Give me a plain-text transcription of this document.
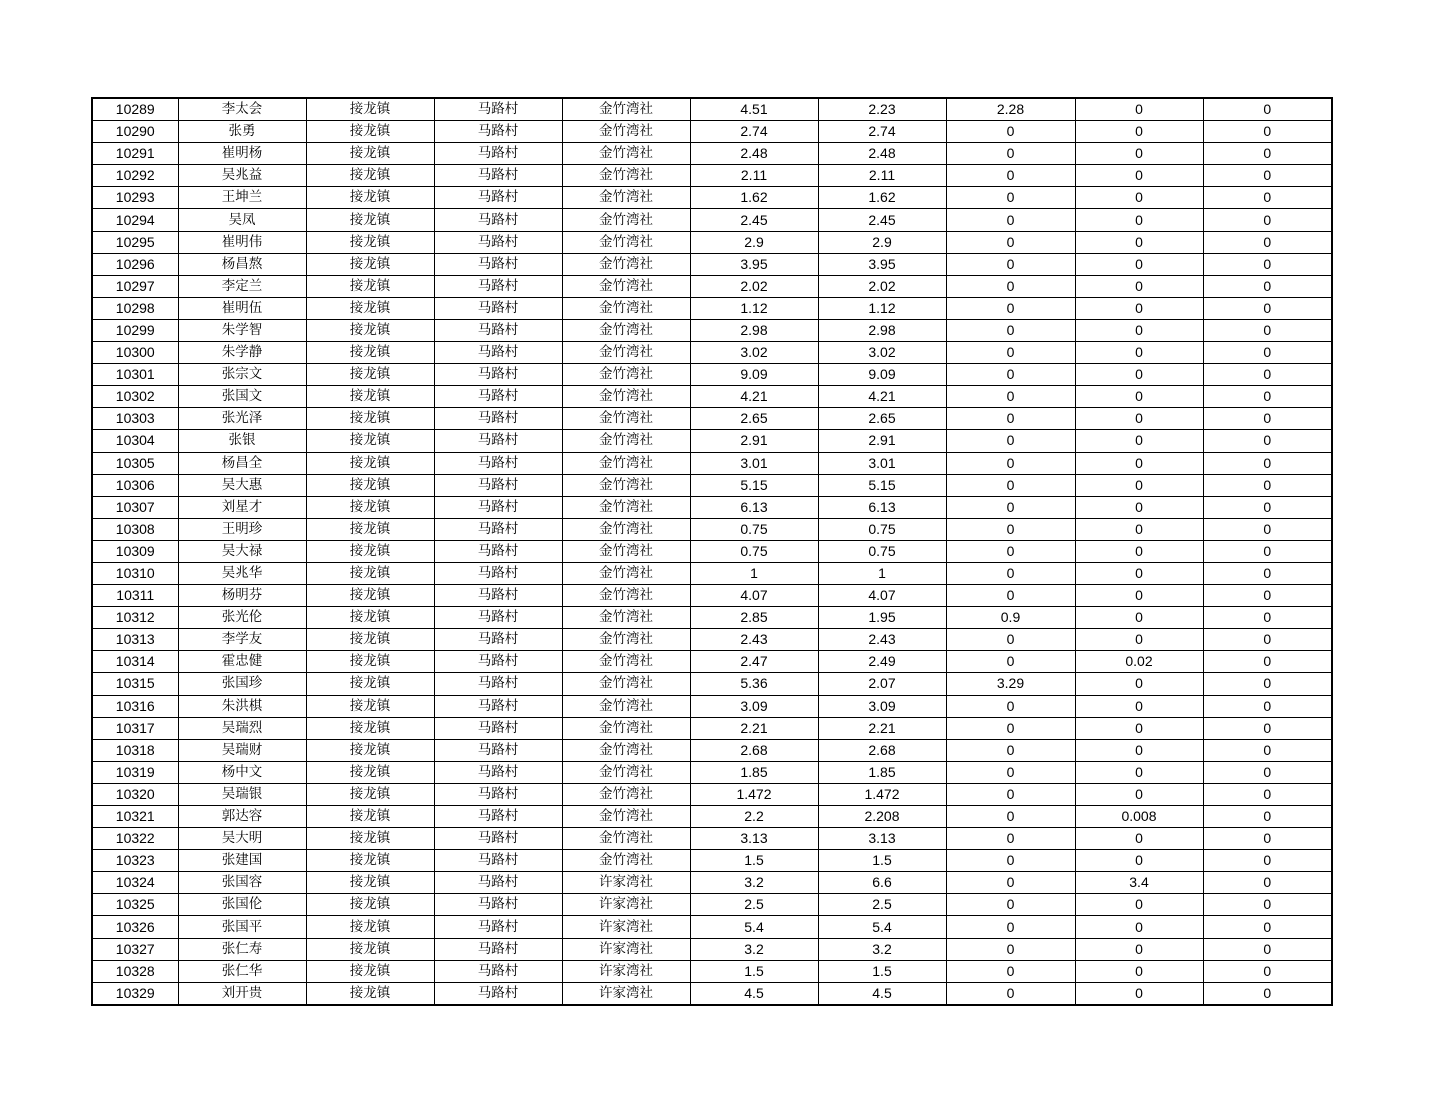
10289	李太会	接龙镇	马路村	金竹湾社	4.51	2.23	2.28	0	0
10290	张勇	接龙镇	马路村	金竹湾社	2.74	2.74	0	0	0
10291	崔明杨	接龙镇	马路村	金竹湾社	2.48	2.48	0	0	0
10292	吴兆益	接龙镇	马路村	金竹湾社	2.11	2.11	0	0	0
10293	王坤兰	接龙镇	马路村	金竹湾社	1.62	1.62	0	0	0
10294	吴凤	接龙镇	马路村	金竹湾社	2.45	2.45	0	0	0
10295	崔明伟	接龙镇	马路村	金竹湾社	2.9	2.9	0	0	0
10296	杨昌熬	接龙镇	马路村	金竹湾社	3.95	3.95	0	0	0
10297	李定兰	接龙镇	马路村	金竹湾社	2.02	2.02	0	0	0
10298	崔明伍	接龙镇	马路村	金竹湾社	1.12	1.12	0	0	0
10299	朱学智	接龙镇	马路村	金竹湾社	2.98	2.98	0	0	0
10300	朱学静	接龙镇	马路村	金竹湾社	3.02	3.02	0	0	0
10301	张宗文	接龙镇	马路村	金竹湾社	9.09	9.09	0	0	0
10302	张国文	接龙镇	马路村	金竹湾社	4.21	4.21	0	0	0
10303	张光泽	接龙镇	马路村	金竹湾社	2.65	2.65	0	0	0
10304	张银	接龙镇	马路村	金竹湾社	2.91	2.91	0	0	0
10305	杨昌全	接龙镇	马路村	金竹湾社	3.01	3.01	0	0	0
10306	吴大惠	接龙镇	马路村	金竹湾社	5.15	5.15	0	0	0
10307	刘星才	接龙镇	马路村	金竹湾社	6.13	6.13	0	0	0
10308	王明珍	接龙镇	马路村	金竹湾社	0.75	0.75	0	0	0
10309	吴大禄	接龙镇	马路村	金竹湾社	0.75	0.75	0	0	0
10310	吴兆华	接龙镇	马路村	金竹湾社	1	1	0	0	0
10311	杨明芬	接龙镇	马路村	金竹湾社	4.07	4.07	0	0	0
10312	张光伦	接龙镇	马路村	金竹湾社	2.85	1.95	0.9	0	0
10313	李学友	接龙镇	马路村	金竹湾社	2.43	2.43	0	0	0
10314	霍忠健	接龙镇	马路村	金竹湾社	2.47	2.49	0	0.02	0
10315	张国珍	接龙镇	马路村	金竹湾社	5.36	2.07	3.29	0	0
10316	朱洪棋	接龙镇	马路村	金竹湾社	3.09	3.09	0	0	0
10317	吴瑞烈	接龙镇	马路村	金竹湾社	2.21	2.21	0	0	0
10318	吴瑞财	接龙镇	马路村	金竹湾社	2.68	2.68	0	0	0
10319	杨中文	接龙镇	马路村	金竹湾社	1.85	1.85	0	0	0
10320	吴瑞银	接龙镇	马路村	金竹湾社	1.472	1.472	0	0	0
10321	郭达容	接龙镇	马路村	金竹湾社	2.2	2.208	0	0.008	0
10322	吴大明	接龙镇	马路村	金竹湾社	3.13	3.13	0	0	0
10323	张建国	接龙镇	马路村	金竹湾社	1.5	1.5	0	0	0
10324	张国容	接龙镇	马路村	许家湾社	3.2	6.6	0	3.4	0
10325	张国伦	接龙镇	马路村	许家湾社	2.5	2.5	0	0	0
10326	张国平	接龙镇	马路村	许家湾社	5.4	5.4	0	0	0
10327	张仁寿	接龙镇	马路村	许家湾社	3.2	3.2	0	0	0
10328	张仁华	接龙镇	马路村	许家湾社	1.5	1.5	0	0	0
10329	刘开贵	接龙镇	马路村	许家湾社	4.5	4.5	0	0	0
